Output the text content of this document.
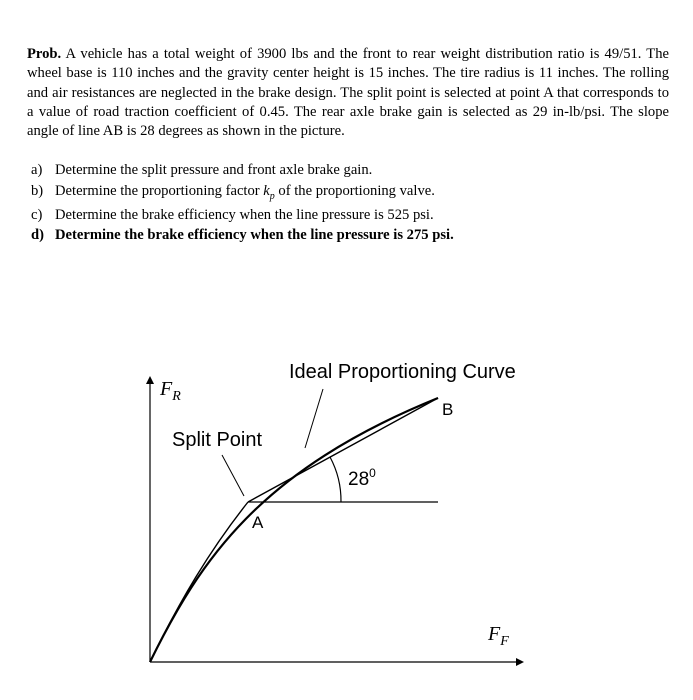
Prob. A vehicle has a total weight of 3900 lbs and the front to rear weight distribution ratio is 49/51. The wheel base is 110 inches and the gravity center height is 15 inches. The tire radius is 11 inches. The rolling and air resistances are neglected in the brake design. The split point is selected at point A that corresponds to a value of road traction coefficient of 0.45. The rear axle brake gain is selected as 29 in-lb/psi. The slope angle of line AB is 28 degrees as shown in the picture.
a) Determine the split pressure and front axle brake gain.
b) Determine the proportioning factor $k_p$ of the proportioning valve.
c) Determine the brake efficiency when the line pressure is 525 psi.
d) Determine the brake efficiency when the line pressure is 275 psi.
Ideal Proportioning Curve
Split Point
A
B
$28^0$
$F_R$
$F_F$
